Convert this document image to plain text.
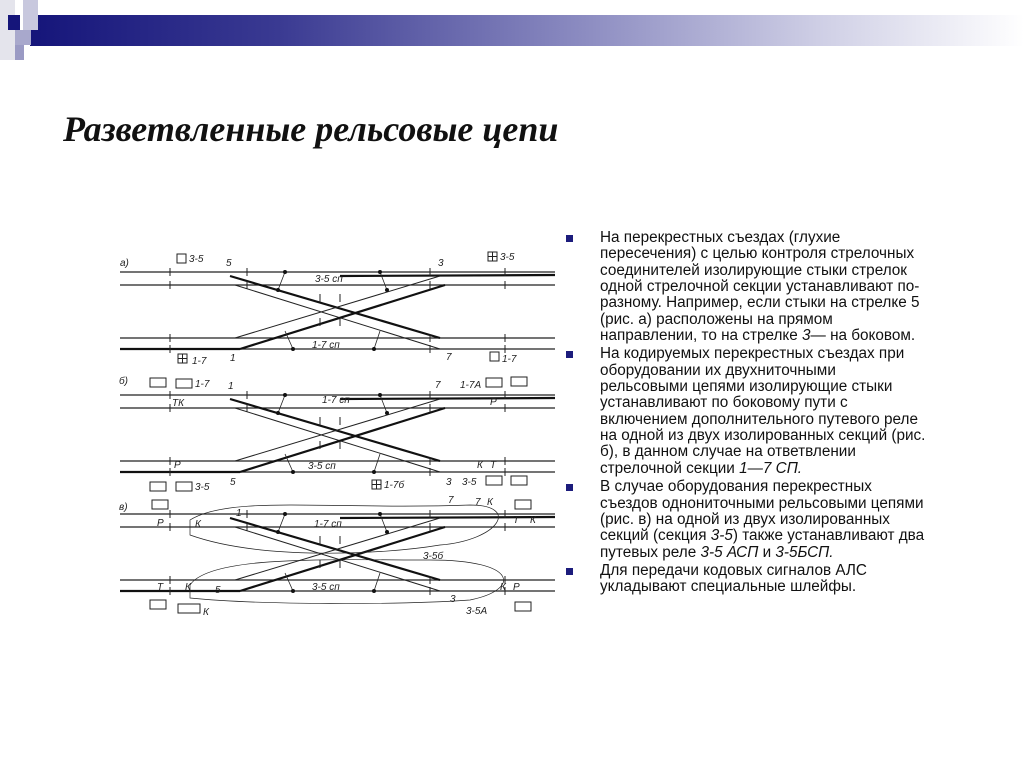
Разветвленные рельсовые цепи
а)	3-5 5	3
3-5
3-5 сп
1-7 сп
1	7
1-7	1-7
б)	1-7 1	7 1-7А
ТК	1-7 сп	Р
Р	3-5 сп	К Т
5	3
1-7б
3-5	3-5
в)
7 7 К
1
Р	К	1-7 сп	Т К
3-5б
Т К 5	3-5 сп	К Р
3
К	3-5А
На перекрестных съездах (глухие
пересечения) с целью контроля стрелочных
соединителей изолирующие стыки стрелок
одной стрелочной секции устанавливают по-
разному. Например, если стыки на стрелке 5
(рис. а) расположены на прямом
направлении, то на стрелке 3— на боковом.
На кодируемых перекрестных съездах при
оборудовании их двухниточными
рельсовыми цепями изолирующие стыки
устанавливают по боковому пути с
включением дополнительного путевого реле
на одной из двух изолированных секций (рис.
б), в данном случае на ответвлении
стрелочной секции 1—7 СП.
В случае оборудования перекрестных
съездов однониточными рельсовыми цепями
(рис. в) на одной из двух изолированных
секций (секция 3-5) также устанавливают два
путевых реле 3-5 АСП и 3-5БСП.
Для передачи кодовых сигналов АЛС
укладывают специальные шлейфы.
